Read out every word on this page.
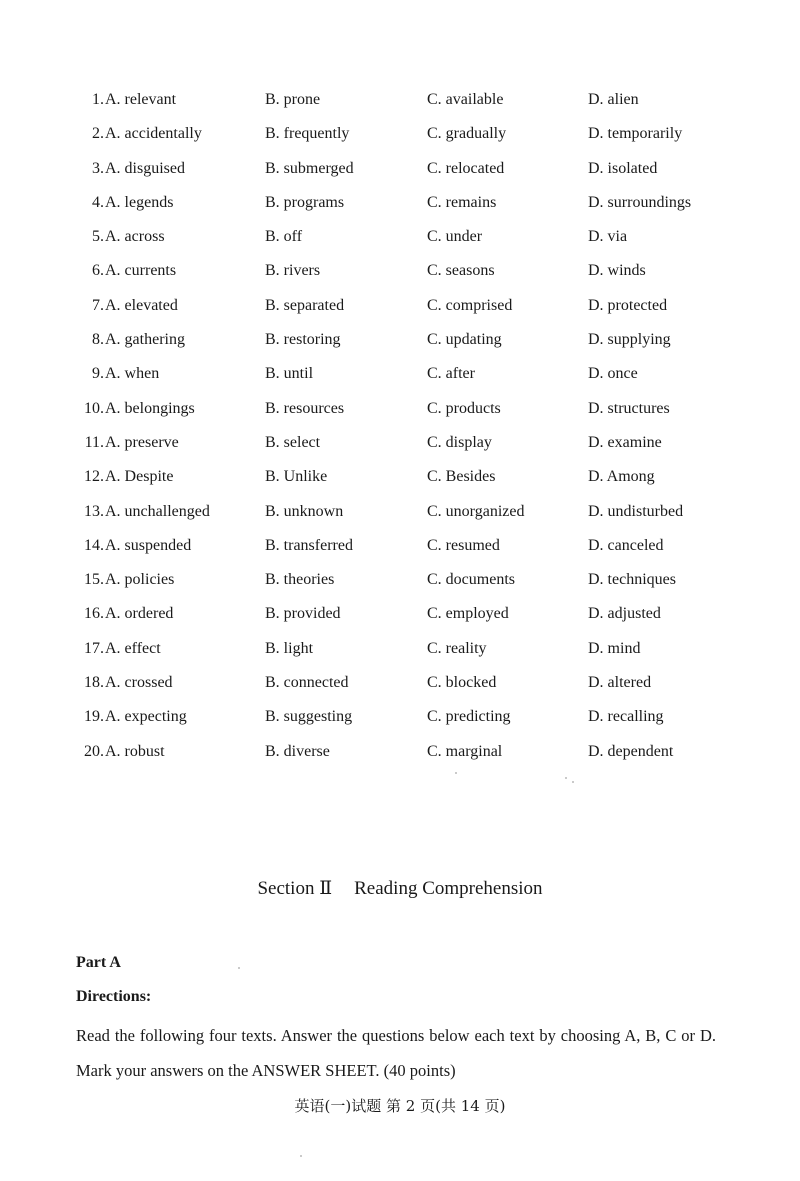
1. A. relevant	B. prone	C. available	D. alien
2. A. accidentally	B. frequently	C. gradually	D. temporarily
3. A. disguised	B. submerged	C. relocated	D. isolated
4. A. legends	B. programs	C. remains	D. surroundings
5. A. across	B. off	C. under	D. via
6. A. currents	B. rivers	C. seasons	D. winds
7. A. elevated	B. separated	C. comprised	D. protected
8. A. gathering	B. restoring	C. updating	D. supplying
9. A. when	B. until	C. after	D. once
10. A. belongings	B. resources	C. products	D. structures
11. A. preserve	B. select	C. display	D. examine
12. A. Despite	B. Unlike	C. Besides	D. Among
13. A. unchallenged	B. unknown	C. unorganized	D. undisturbed
14. A. suspended	B. transferred	C. resumed	D. canceled
15. A. policies	B. theories	C. documents	D. techniques
16. A. ordered	B. provided	C. employed	D. adjusted
17. A. effect	B. light	C. reality	D. mind
18. A. crossed	B. connected	C. blocked	D. altered
19. A. expecting	B. suggesting	C. predicting	D. recalling
20. A. robust	B. diverse	C. marginal	D. dependent
Section Ⅱ Reading Comprehension
Part A
Directions:
Read the following four texts. Answer the questions below each text by choosing A, B, C or D. Mark your answers on the ANSWER SHEET. (40 points)
英语(一)试题 第 2 页(共 14 页)
